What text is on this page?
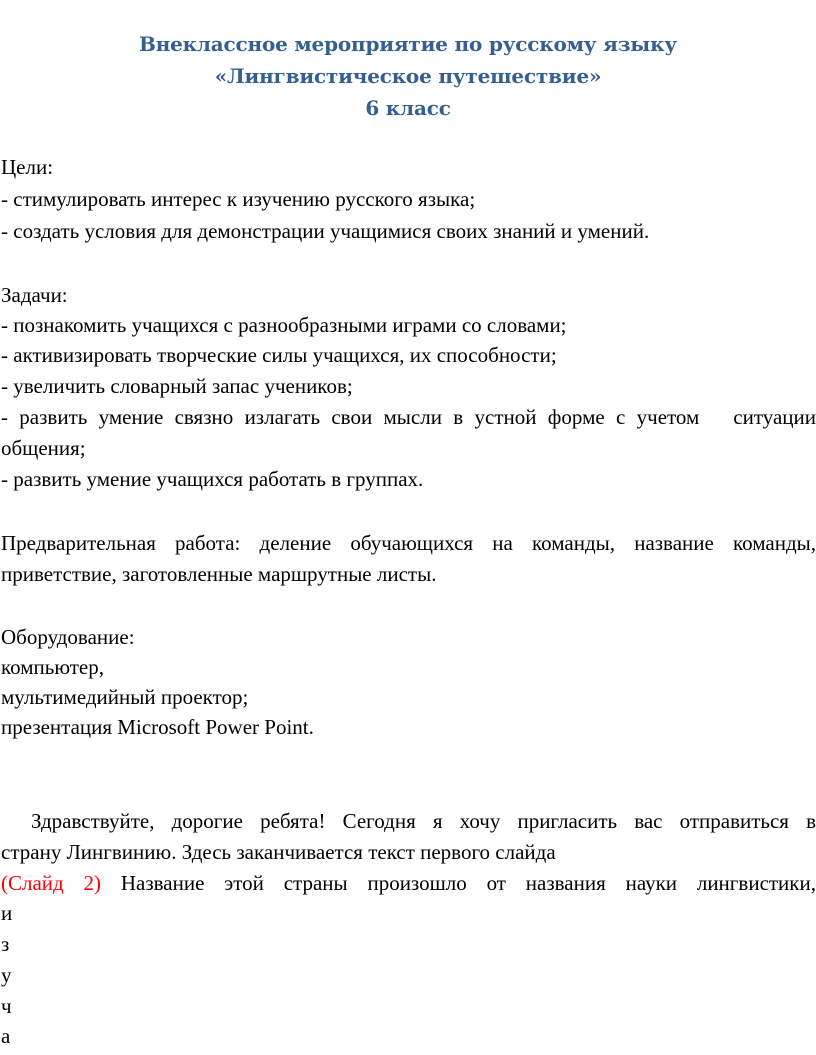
Внеклассное мероприятие по русскому языку
«Лингвистическое путешествие»
6 класс
Цели:
- стимулировать интерес к изучению русского языка;
- создать условия для демонстрации учащимися своих знаний и умений.
Задачи:
- познакомить учащихся с разнообразными играми со словами;
- активизировать творческие силы учащихся, их способности;
- увеличить словарный запас учеников;
- развить умение связно излагать свои мысли в устной форме с учетом   ситуации
общения;
- развить умение учащихся работать в группах.
Предварительная работа: деление обучающихся на команды, название команды,
приветствие, заготовленные маршрутные листы.
Оборудование:
компьютер,
мультимедийный проектор;
презентация Microsoft Power Point.
Здравствуйте, дорогие ребята! Сегодня я хочу пригласить вас отправиться в
страну Лингвинию. Здесь заканчивается текст первого слайда
(Слайд 2) Название этой страны произошло от названия науки лингвистики,
и
з
у
ч
а
